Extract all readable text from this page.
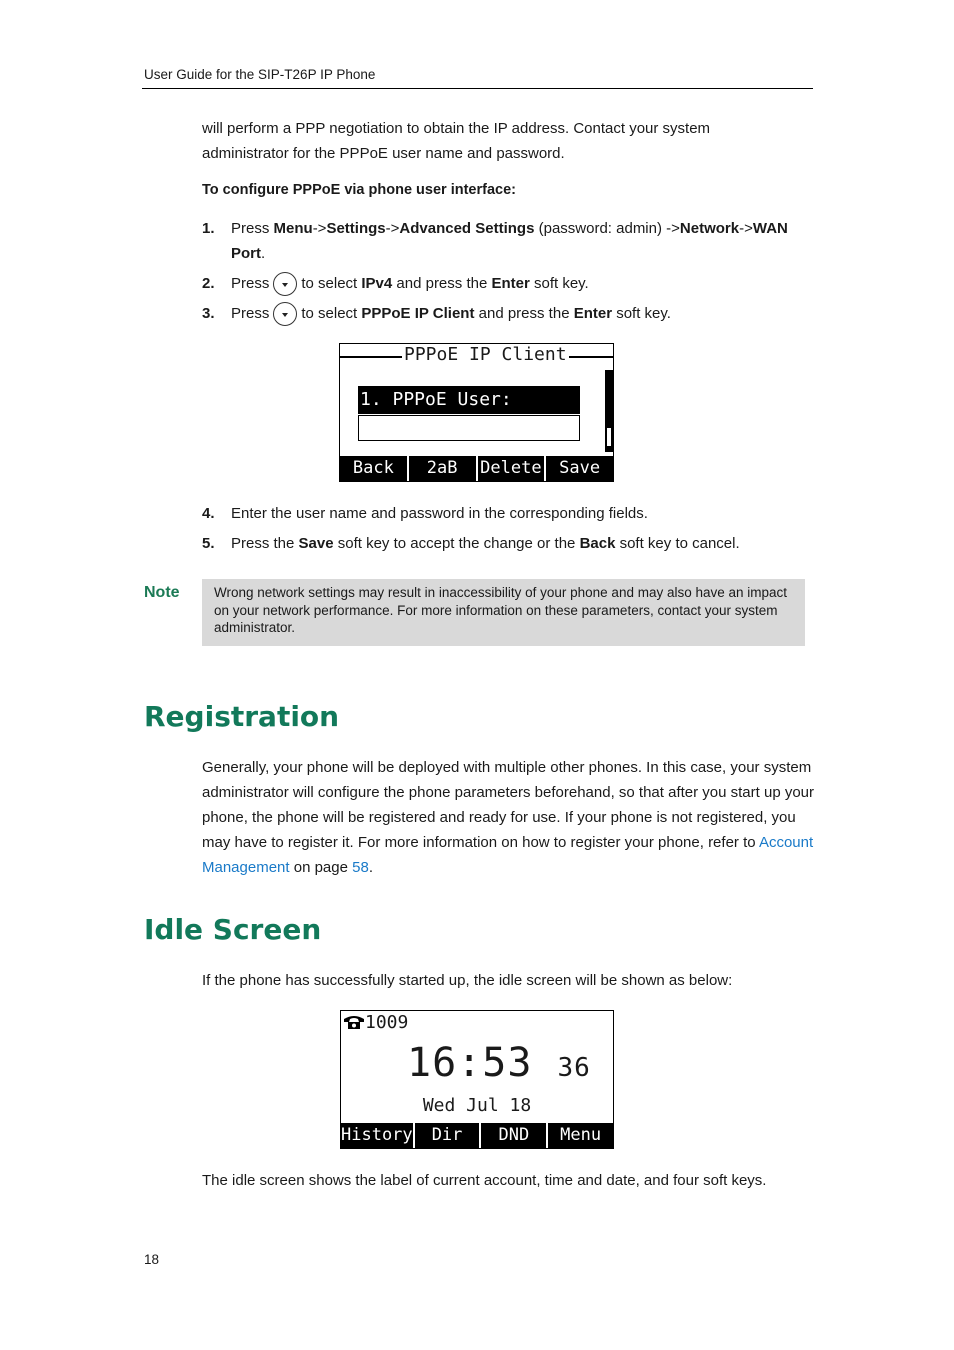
User Guide for the SIP-T26P IP Phone
will perform a PPP negotiation to obtain the IP address. Contact your system
administrator for the PPPoE user name and password.
To configure PPPoE via phone user interface:
1. Press Menu->Settings->Advanced Settings (password: admin) ->Network->WAN Port.
2. Press to select IPv4 and press the Enter soft key.
3. Press to select PPPoE IP Client and press the Enter soft key.
PPPoE IP Client
1. PPPoE User:
Back	2aB	Delete	Save
4. Enter the user name and password in the corresponding fields.
5. Press the Save soft key to accept the change or the Back soft key to cancel.
Note	Wrong network settings may result in inaccessibility of your phone and may also have an impact on your network performance. For more information on these parameters, contact your system administrator.
Registration
Generally, your phone will be deployed with multiple other phones. In this case, your system administrator will configure the phone parameters beforehand, so that after you start up your phone, the phone will be registered and ready for use. If your phone is not registered, you may have to register it. For more information on how to register your phone, refer to Account Management on page 58.
Idle Screen
If the phone has successfully started up, the idle screen will be shown as below:
1009
16:53 36
Wed Jul 18
History	Dir	DND	Menu
The idle screen shows the label of current account, time and date, and four soft keys.
18
